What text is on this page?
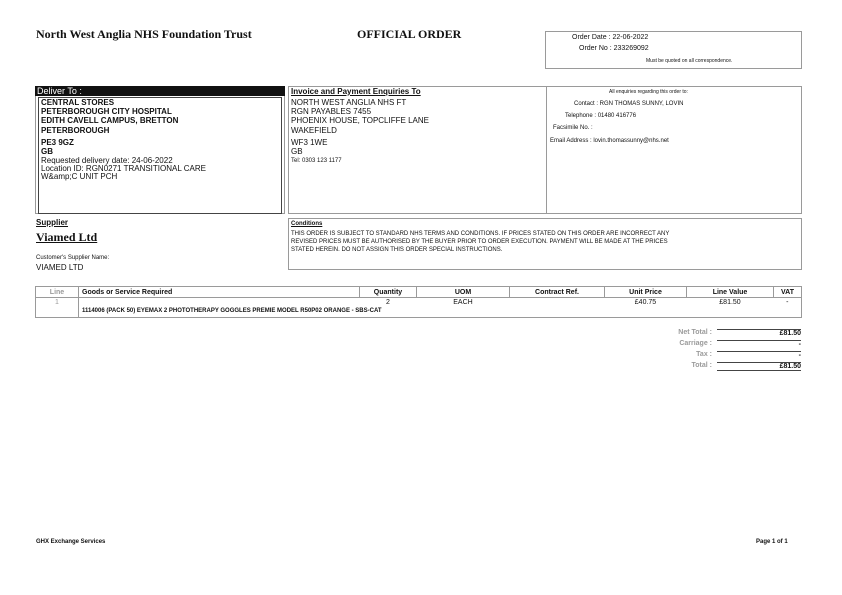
North West Anglia NHS Foundation Trust	OFFICIAL ORDER	Order Date : 22-06-2022
Order No : 233269092
Must be quoted on all correspondence.
Deliver To :
CENTRAL STORES
PETERBOROUGH CITY HOSPITAL
EDITH CAVELL CAMPUS, BRETTON
PETERBOROUGH
PE3 9GZ
GB
Requested delivery date: 24-06-2022
Location ID: RGN0271 TRANSITIONAL CARE
W&amp;C UNIT PCH
Invoice and Payment Enquiries To
NORTH WEST ANGLIA NHS FT
RGN PAYABLES 7455
PHOENIX HOUSE, TOPCLIFFE LANE
WAKEFIELD
WF3 1WE
GB
Tel: 0303 123 1177
All enquiries regarding this order to:
Contact : RGN THOMAS SUNNY, LOVIN
Telephone : 01480 416776
Facsimile No. :
Email Address : lovin.thomassunny@nhs.net
Supplier
Viamed Ltd
Customer's Supplier Name:
VIAMED LTD
Conditions
THIS ORDER IS SUBJECT TO STANDARD NHS TERMS AND CONDITIONS. IF PRICES STATED ON THIS ORDER ARE INCORRECT ANY
REVISED PRICES MUST BE AUTHORISED BY THE BUYER PRIOR TO ORDER EXECUTION. PAYMENT WILL BE MADE AT THE PRICES
STATED HEREIN. DO NOT ASSIGN THIS ORDER SPECIAL INSTRUCTIONS.
Line	Goods or Service Required	Quantity	UOM	Contract Ref.	Unit Price	Line Value	VAT
1		2	EACH		£40.75	£81.50	-
	1114006 (PACK 50) EYEMAX 2 PHOTOTHERAPY GOGGLES PREMIE MODEL R50P02 ORANGE - SBS-CAT						
Net Total :	£81.50
Carriage :	-
Tax :	-
Total :	£81.50
GHX Exchange Services	Page 1 of 1
